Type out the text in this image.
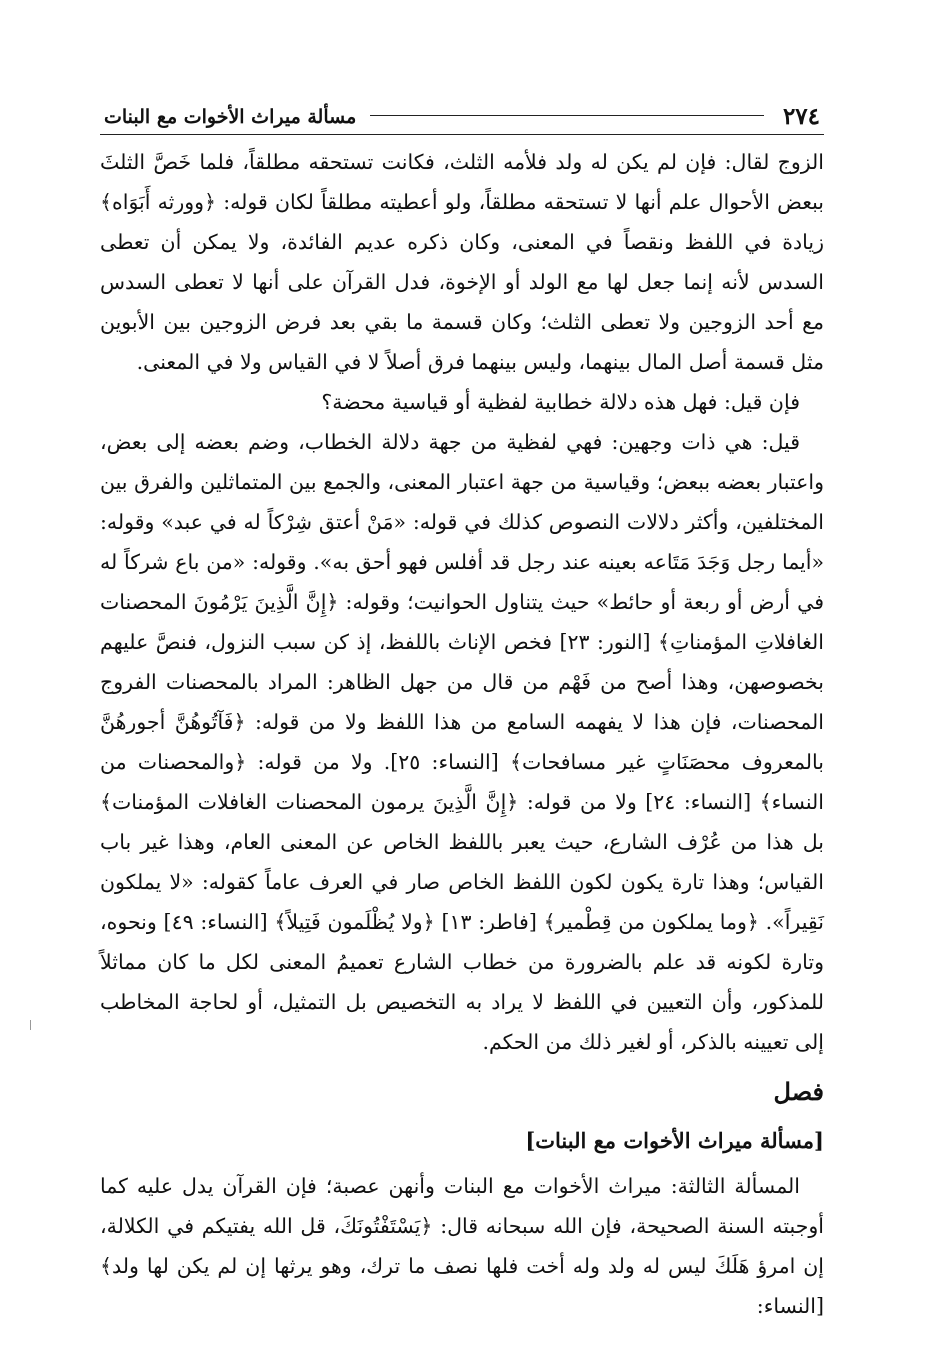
٢٧٤
مسألة ميراث الأخوات مع البنات

الزوج لقال: فإن لم يكن له ولد فلأمه الثلث، فكانت تستحقه مطلقاً، فلما خَصَّ الثلثَ ببعض الأحوال علم أنها لا تستحقه مطلقاً، ولو أعطيته مطلقاً لكان قوله: ﴿وورثه أَبَوَاه﴾ زيادة في اللفظ ونقصاً في المعنى، وكان ذكره عديم الفائدة، ولا يمكن أن تعطى السدس لأنه إنما جعل لها مع الولد أو الإخوة، فدل القرآن على أنها لا تعطى السدس مع أحد الزوجين ولا تعطى الثلث؛ وكان قسمة ما بقي بعد فرض الزوجين بين الأبوين مثل قسمة أصل المال بينهما، وليس بينهما فرق أصلاً لا في القياس ولا في المعنى.

فإن قيل: فهل هذه دلالة خطابية لفظية أو قياسية محضة؟

قيل: هي ذات وجهين: فهي لفظية من جهة دلالة الخطاب، وضم بعضه إلى بعض، واعتبار بعضه ببعض؛ وقياسية من جهة اعتبار المعنى، والجمع بين المتماثلين والفرق بين المختلفين، وأكثر دلالات النصوص كذلك في قوله: «مَنْ أعتق شِرْكاً له في عبد» وقوله: «أيما رجل وَجَدَ مَتَاعه بعينه عند رجل قد أفلس فهو أحق به». وقوله: «من باع شركاً له في أرض أو ربعة أو حائط» حيث يتناول الحوانيت؛ وقوله: ﴿إِنَّ الَّذِينَ يَرْمُونَ المحصنات الغافلاتِ المؤمناتِ﴾ [النور: ٢٣] فخص الإناث باللفظ، إذ كن سبب النزول، فنصَّ عليهم بخصوصهن، وهذا أصح من فَهْم من قال من جهل الظاهر: المراد بالمحصنات الفروج المحصنات، فإن هذا لا يفهمه السامع من هذا اللفظ ولا من قوله: ﴿فَآتُوهُنَّ أجورهُنَّ بالمعروف محصَنَاتٍ غير مسافحات﴾ [النساء: ٢٥]. ولا من قوله: ﴿والمحصنات من النساء﴾ [النساء: ٢٤] ولا من قوله: ﴿إِنَّ الَّذِينَ يرمون المحصنات الغافلات المؤمنات﴾ بل هذا من عُرْف الشارع، حيث يعبر باللفظ الخاص عن المعنى العام، وهذا غير باب القياس؛ وهذا تارة يكون لكون اللفظ الخاص صار في العرف عاماً كقوله: «لا يملكون نَقِيراً». ﴿وما يملكون من قِطْمير﴾ [فاطر: ١٣] ﴿ولا يُظْلَمون فَتِيلاً﴾ [النساء: ٤٩] ونحوه، وتارة لكونه قد علم بالضرورة من خطاب الشارع تعميمُ المعنى لكل ما كان مماثلاً للمذكور، وأن التعيين في اللفظ لا يراد به التخصيص بل التمثيل، أو لحاجة المخاطب إلى تعيينه بالذكر، أو لغير ذلك من الحكم.

فصل
[مسألة ميراث الأخوات مع البنات]

المسألة الثالثة: ميراث الأخوات مع البنات وأنهن عصبة؛ فإن القرآن يدل عليه كما أوجبته السنة الصحيحة، فإن الله سبحانه قال: ﴿يَسْتَفْتُونَكَ، قل الله يفتيكم في الكلالة، إن امرؤ هَلَكَ ليس له ولد وله أخت فلها نصف ما ترك، وهو يرثها إن لم يكن لها ولد﴾ [النساء:
